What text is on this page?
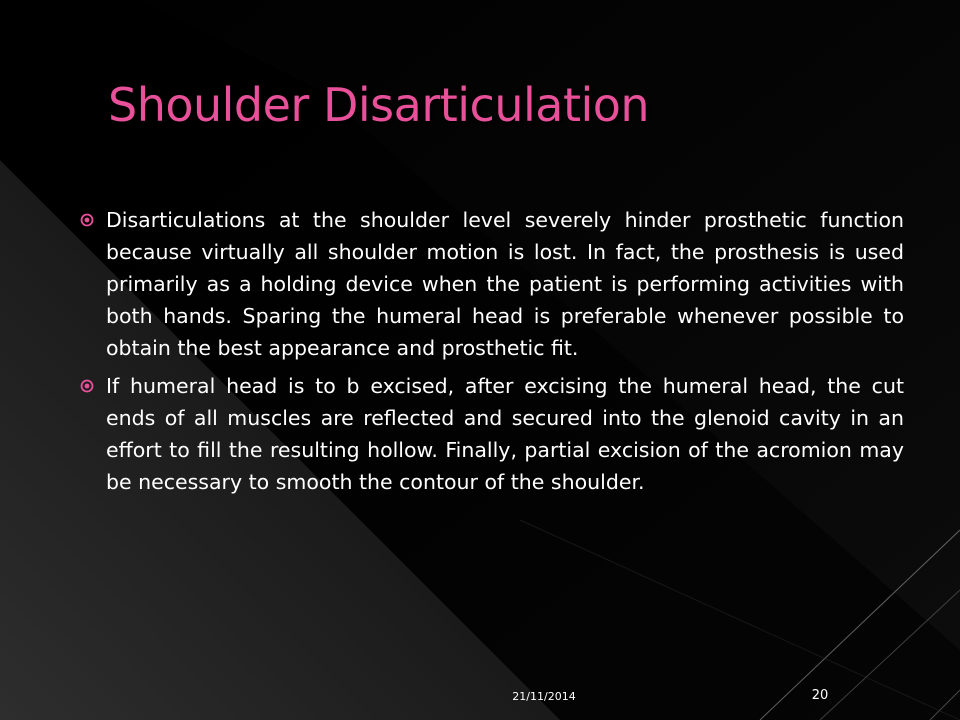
Shoulder Disarticulation
Disarticulations at the shoulder level severely hinder prosthetic function because virtually all shoulder motion is lost. In fact, the prosthesis is used primarily as a holding device when the patient is performing activities with both hands. Sparing the humeral head is preferable whenever possible to obtain the best appearance and prosthetic fit.
If humeral head is to b excised, after excising the humeral head, the cut ends of all muscles are reflected and secured into the glenoid cavity in an effort to fill the resulting hollow. Finally, partial excision of the acromion may be necessary to smooth the contour of the shoulder.
21/11/2014	20
